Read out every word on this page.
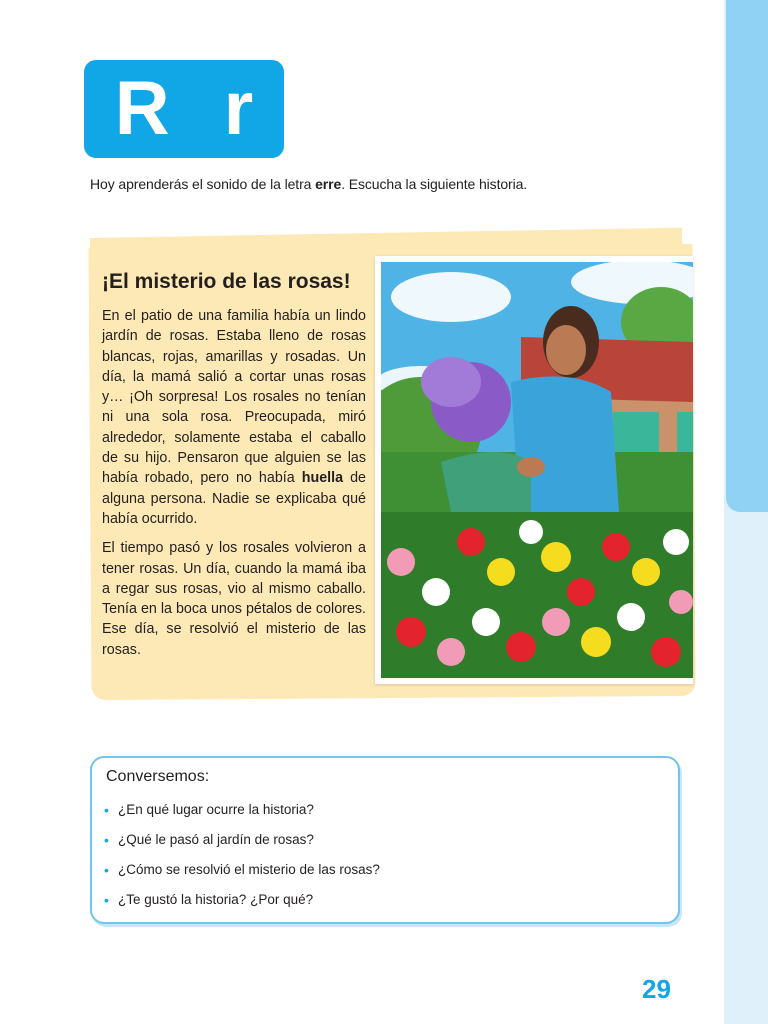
R r
Hoy aprenderás el sonido de la letra erre. Escucha la siguiente historia.
¡El misterio de las rosas!

En el patio de una familia había un lindo jardín de rosas. Estaba lleno de rosas blancas, rojas, amarillas y rosadas. Un día, la mamá salió a cortar unas rosas y… ¡Oh sorpresa! Los rosales no tenían ni una sola rosa. Preocupada, miró alrededor, solamente estaba el caballo de su hijo. Pensaron que alguien se las había robado, pero no había huella de alguna persona. Nadie se explicaba qué había ocurrido.

El tiempo pasó y los rosales volvieron a tener rosas. Un día, cuando la mamá iba a regar sus rosas, vio al mismo caballo. Tenía en la boca unos pétalos de colores. Ese día, se resolvió el misterio de las rosas.

Conversemos:
• ¿En qué lugar ocurre la historia?
• ¿Qué le pasó al jardín de rosas?
• ¿Cómo se resolvió el misterio de las rosas?
• ¿Te gustó la historia? ¿Por qué?
29
